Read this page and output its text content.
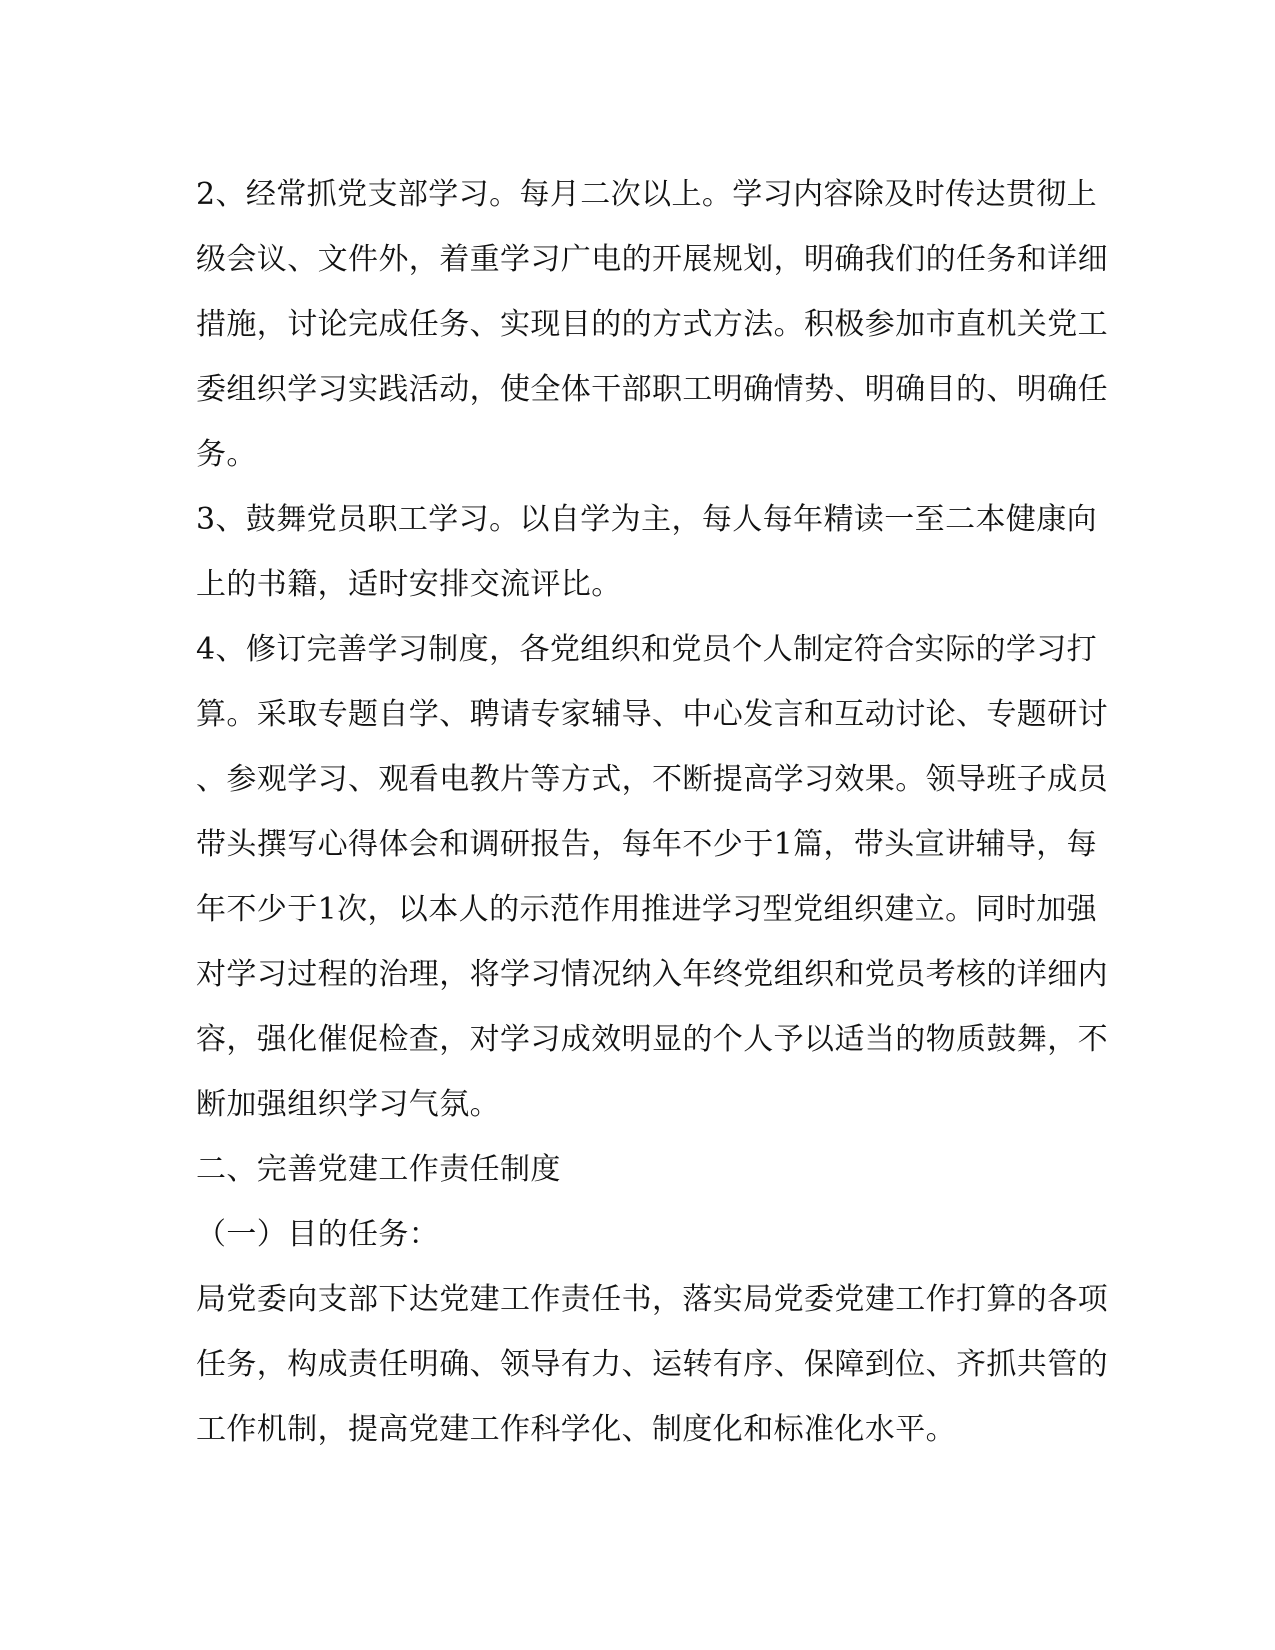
2、经常抓党支部学习。每月二次以上。学习内容除及时传达贯彻上
级会议、文件外，着重学习广电的开展规划，明确我们的任务和详细
措施，讨论完成任务、实现目的的方式方法。积极参加市直机关党工
委组织学习实践活动，使全体干部职工明确情势、明确目的、明确任
务。
3、鼓舞党员职工学习。以自学为主，每人每年精读一至二本健康向
上的书籍，适时安排交流评比。
4、修订完善学习制度，各党组织和党员个人制定符合实际的学习打
算。采取专题自学、聘请专家辅导、中心发言和互动讨论、专题研讨
、参观学习、观看电教片等方式，不断提高学习效果。领导班子成员
带头撰写心得体会和调研报告，每年不少于1篇，带头宣讲辅导，每
年不少于1次，以本人的示范作用推进学习型党组织建立。同时加强
对学习过程的治理，将学习情况纳入年终党组织和党员考核的详细内
容，强化催促检查，对学习成效明显的个人予以适当的物质鼓舞，不
断加强组织学习气氛。
二、完善党建工作责任制度
（一）目的任务：
局党委向支部下达党建工作责任书，落实局党委党建工作打算的各项
任务，构成责任明确、领导有力、运转有序、保障到位、齐抓共管的
工作机制，提高党建工作科学化、制度化和标准化水平。
